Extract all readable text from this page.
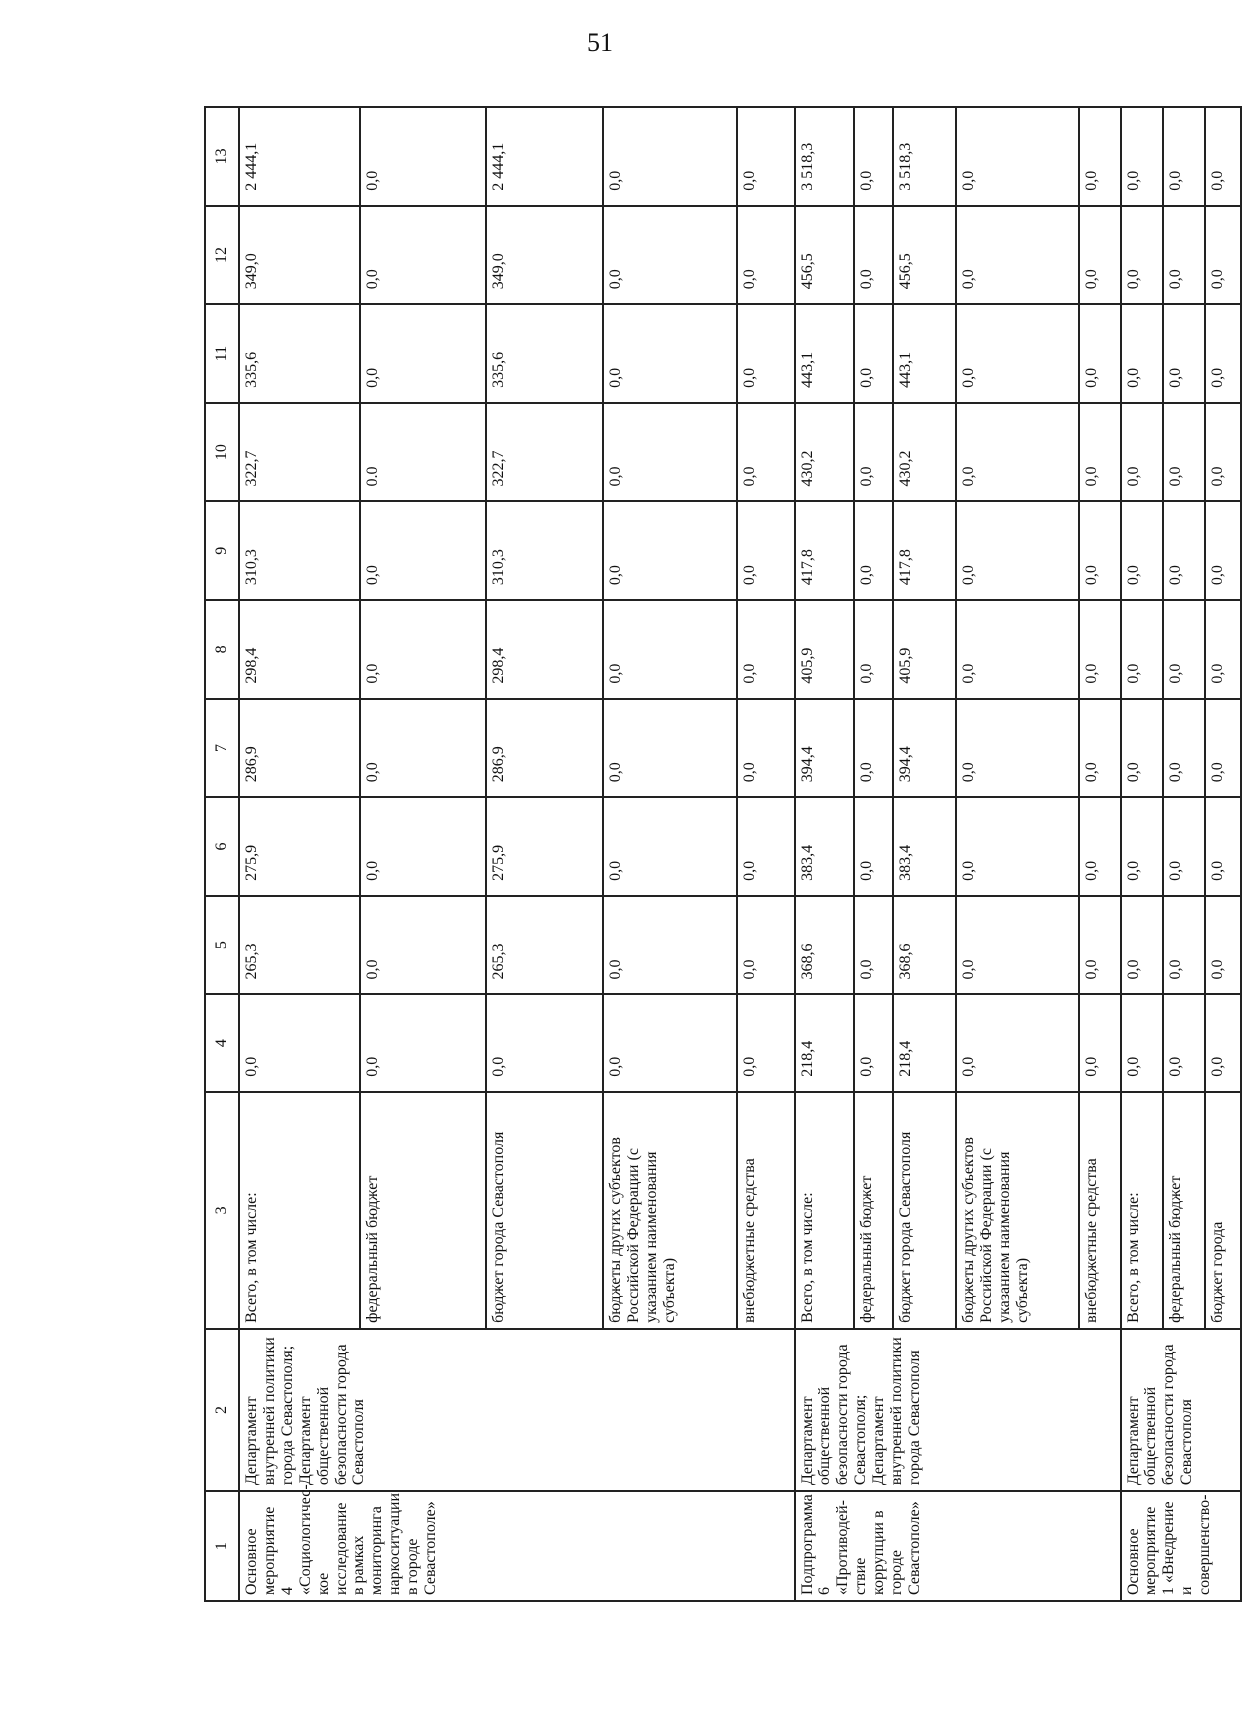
51
1	2	3	4	5	6	7	8	9	10	11	12	13
Основное мероприятие 4 «Социологичес-кое исследование в рамках мониторинга наркоситуации в городе Севастополе»	Департамент внутренней политики города Севастополя; Департамент общественной безопасности города Севастополя	Всего, в том числе:	0,0	265,3	275,9	286,9	298,4	310,3	322,7	335,6	349,0	2 444,1
		федеральный бюджет	0,0	0,0	0,0	0,0	0,0	0,0	0.0	0,0	0,0	0,0
		бюджет города Севастополя	0,0	265,3	275,9	286,9	298,4	310,3	322,7	335,6	349,0	2 444,1
		бюджеты других субъектов Российской Федерации (с указанием наименования субъекта)	0,0	0,0	0,0	0,0	0,0	0,0	0,0	0,0	0,0	0,0
		внебюджетные средства	0,0	0,0	0,0	0,0	0,0	0,0	0,0	0,0	0,0	0,0
Подпрограмма 6 «Противодей-ствие коррупции в городе Севастополе»	Департамент общественной безопасности города Севастополя; Департамент внутренней политики города Севастополя	Всего, в том числе:	218,4	368,6	383,4	394,4	405,9	417,8	430,2	443,1	456,5	3 518,3
		федеральный бюджет	0,0	0,0	0,0	0,0	0,0	0,0	0,0	0,0	0,0	0,0
		бюджет города Севастополя	218,4	368,6	383,4	394,4	405,9	417,8	430,2	443,1	456,5	3 518,3
		бюджеты других субъектов Российской Федерации (с указанием наименования субъекта)	0,0	0,0	0,0	0,0	0,0	0,0	0,0	0,0	0,0	0,0
		внебюджетные средства	0,0	0,0	0,0	0,0	0,0	0,0	0,0	0,0	0,0	0,0
Основное мероприятие 1 «Внедрение и совершенство-	Департамент общественной безопасности города Севастополя	Всего, в том числе:	0,0	0,0	0,0	0,0	0,0	0,0	0,0	0,0	0,0	0,0
		федеральный бюджет	0,0	0,0	0,0	0,0	0,0	0,0	0,0	0,0	0,0	0,0
		бюджет города	0,0	0,0	0,0	0,0	0,0	0,0	0,0	0,0	0,0	0,0
